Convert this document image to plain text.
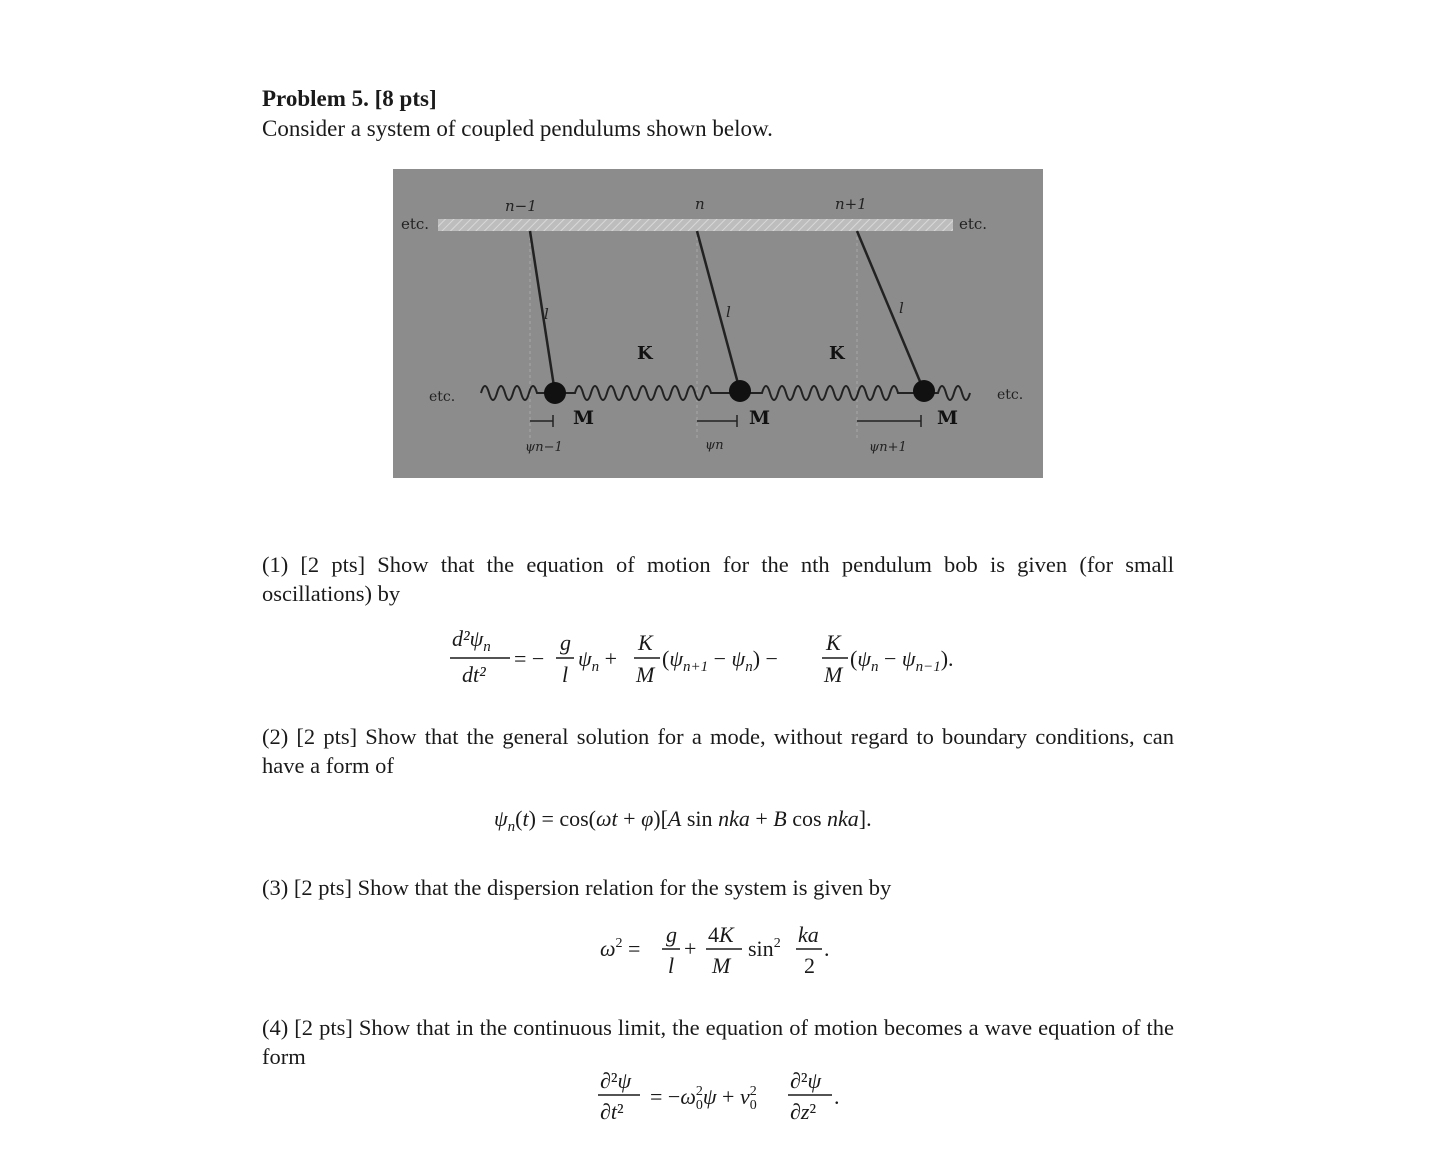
Problem 5. [8 pts]
Consider a system of coupled pendulums shown below.
etc.	etc.
n−1	n	n+1
l	l	l
K	K
etc.	etc.
M	M	M
ψn−1	ψn	ψn+1
(1) [2 pts] Show that the equation of motion for the nth pendulum bob is given (for small oscillations) by
$d^2\psi_n$
dt²
= −
g
l
$\psi_n$ +
K
M
$(\psi_{n+1} - \psi_n)$ −
K
M
$(\psi_n - \psi_{n-1})$.
(2) [2 pts] Show that the general solution for a mode, without regard to boundary conditions, can have a form of
$\psi_n(t) = \cos(\omega t + \varphi)[A$ sin nka + B cos nka].
(3) [2 pts] Show that the dispersion relation for the system is given by
$\omega^2$ =
g
l
+
4K
M
$\sin^2$ ka
2
.
(4) [2 pts] Show that in the continuous limit, the equation of motion becomes a wave equation of the form
∂²ψ
∂t²
= $-\omega^2$ $0\psi + v^2$ 0
∂²ψ
∂z²
.
